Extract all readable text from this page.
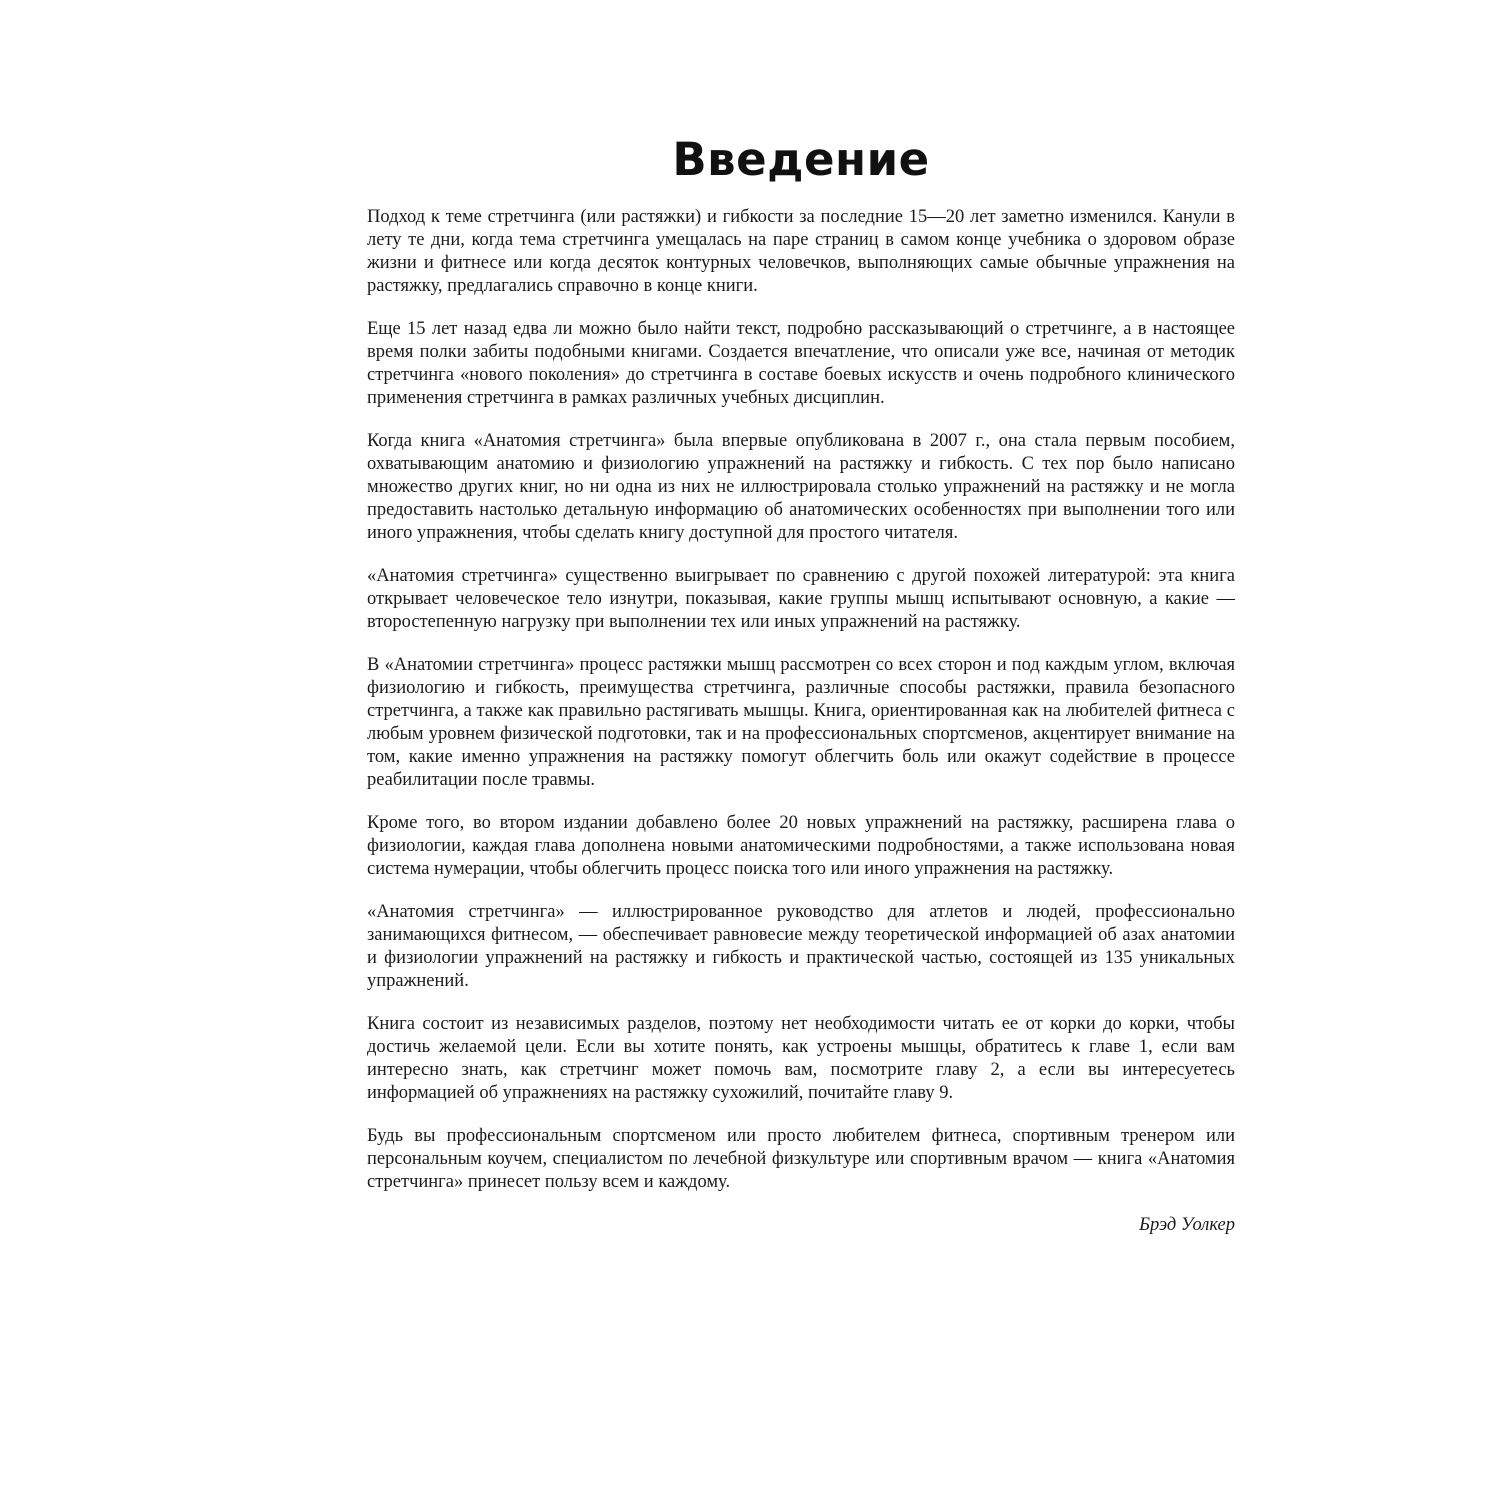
Введение

Подход к теме стретчинга (или растяжки) и гибкости за последние 15—20 лет заметно изменился. Канули в лету те дни, когда тема стретчинга умещалась на паре страниц в самом конце учебника о здоровом образе жизни и фитнесе или когда десяток контурных человечков, выполняющих самые обычные упражнения на растяжку, предлагались справочно в конце книги.

Еще 15 лет назад едва ли можно было найти текст, подробно рассказывающий о стретчинге, а в настоящее время полки забиты подобными книгами. Создается впечатление, что описали уже все, начиная от методик стретчинга «нового поколения» до стретчинга в составе боевых искусств и очень подробного клинического применения стретчинга в рамках различных учебных дисциплин.

Когда книга «Анатомия стретчинга» была впервые опубликована в 2007 г., она стала первым пособием, охватывающим анатомию и физиологию упражнений на растяжку и гибкость. С тех пор было написано множество других книг, но ни одна из них не иллюстрировала столько упражнений на растяжку и не могла предоставить настолько детальную информацию об анатомических особенностях при выполнении того или иного упражнения, чтобы сделать книгу доступной для простого читателя.

«Анатомия стретчинга» существенно выигрывает по сравнению с другой похожей литературой: эта книга открывает человеческое тело изнутри, показывая, какие группы мышц испытывают основную, а какие — второстепенную нагрузку при выполнении тех или иных упражнений на растяжку.

В «Анатомии стретчинга» процесс растяжки мышц рассмотрен со всех сторон и под каждым углом, включая физиологию и гибкость, преимущества стретчинга, различные способы растяжки, правила безопасного стретчинга, а также как правильно растягивать мышцы. Книга, ориентированная как на любителей фитнеса с любым уровнем физической подготовки, так и на профессиональных спортсменов, акцентирует внимание на том, какие именно упражнения на растяжку помогут облегчить боль или окажут содействие в процессе реабилитации после травмы.

Кроме того, во втором издании добавлено более 20 новых упражнений на растяжку, расширена глава о физиологии, каждая глава дополнена новыми анатомическими подробностями, а также использована новая система нумерации, чтобы облегчить процесс поиска того или иного упражнения на растяжку.

«Анатомия стретчинга» — иллюстрированное руководство для атлетов и людей, профессионально занимающихся фитнесом, — обеспечивает равновесие между теоретической информацией об азах анатомии и физиологии упражнений на растяжку и гибкость и практической частью, состоящей из 135 уникальных упражнений.

Книга состоит из независимых разделов, поэтому нет необходимости читать ее от корки до корки, чтобы достичь желаемой цели. Если вы хотите понять, как устроены мышцы, обратитесь к главе 1, если вам интересно знать, как стретчинг может помочь вам, посмотрите главу 2, а если вы интересуетесь информацией об упражнениях на растяжку сухожилий, почитайте главу 9.

Будь вы профессиональным спортсменом или просто любителем фитнеса, спортивным тренером или персональным коучем, специалистом по лечебной физкультуре или спортивным врачом — книга «Анатомия стретчинга» принесет пользу всем и каждому.

Брэд Уолкер
